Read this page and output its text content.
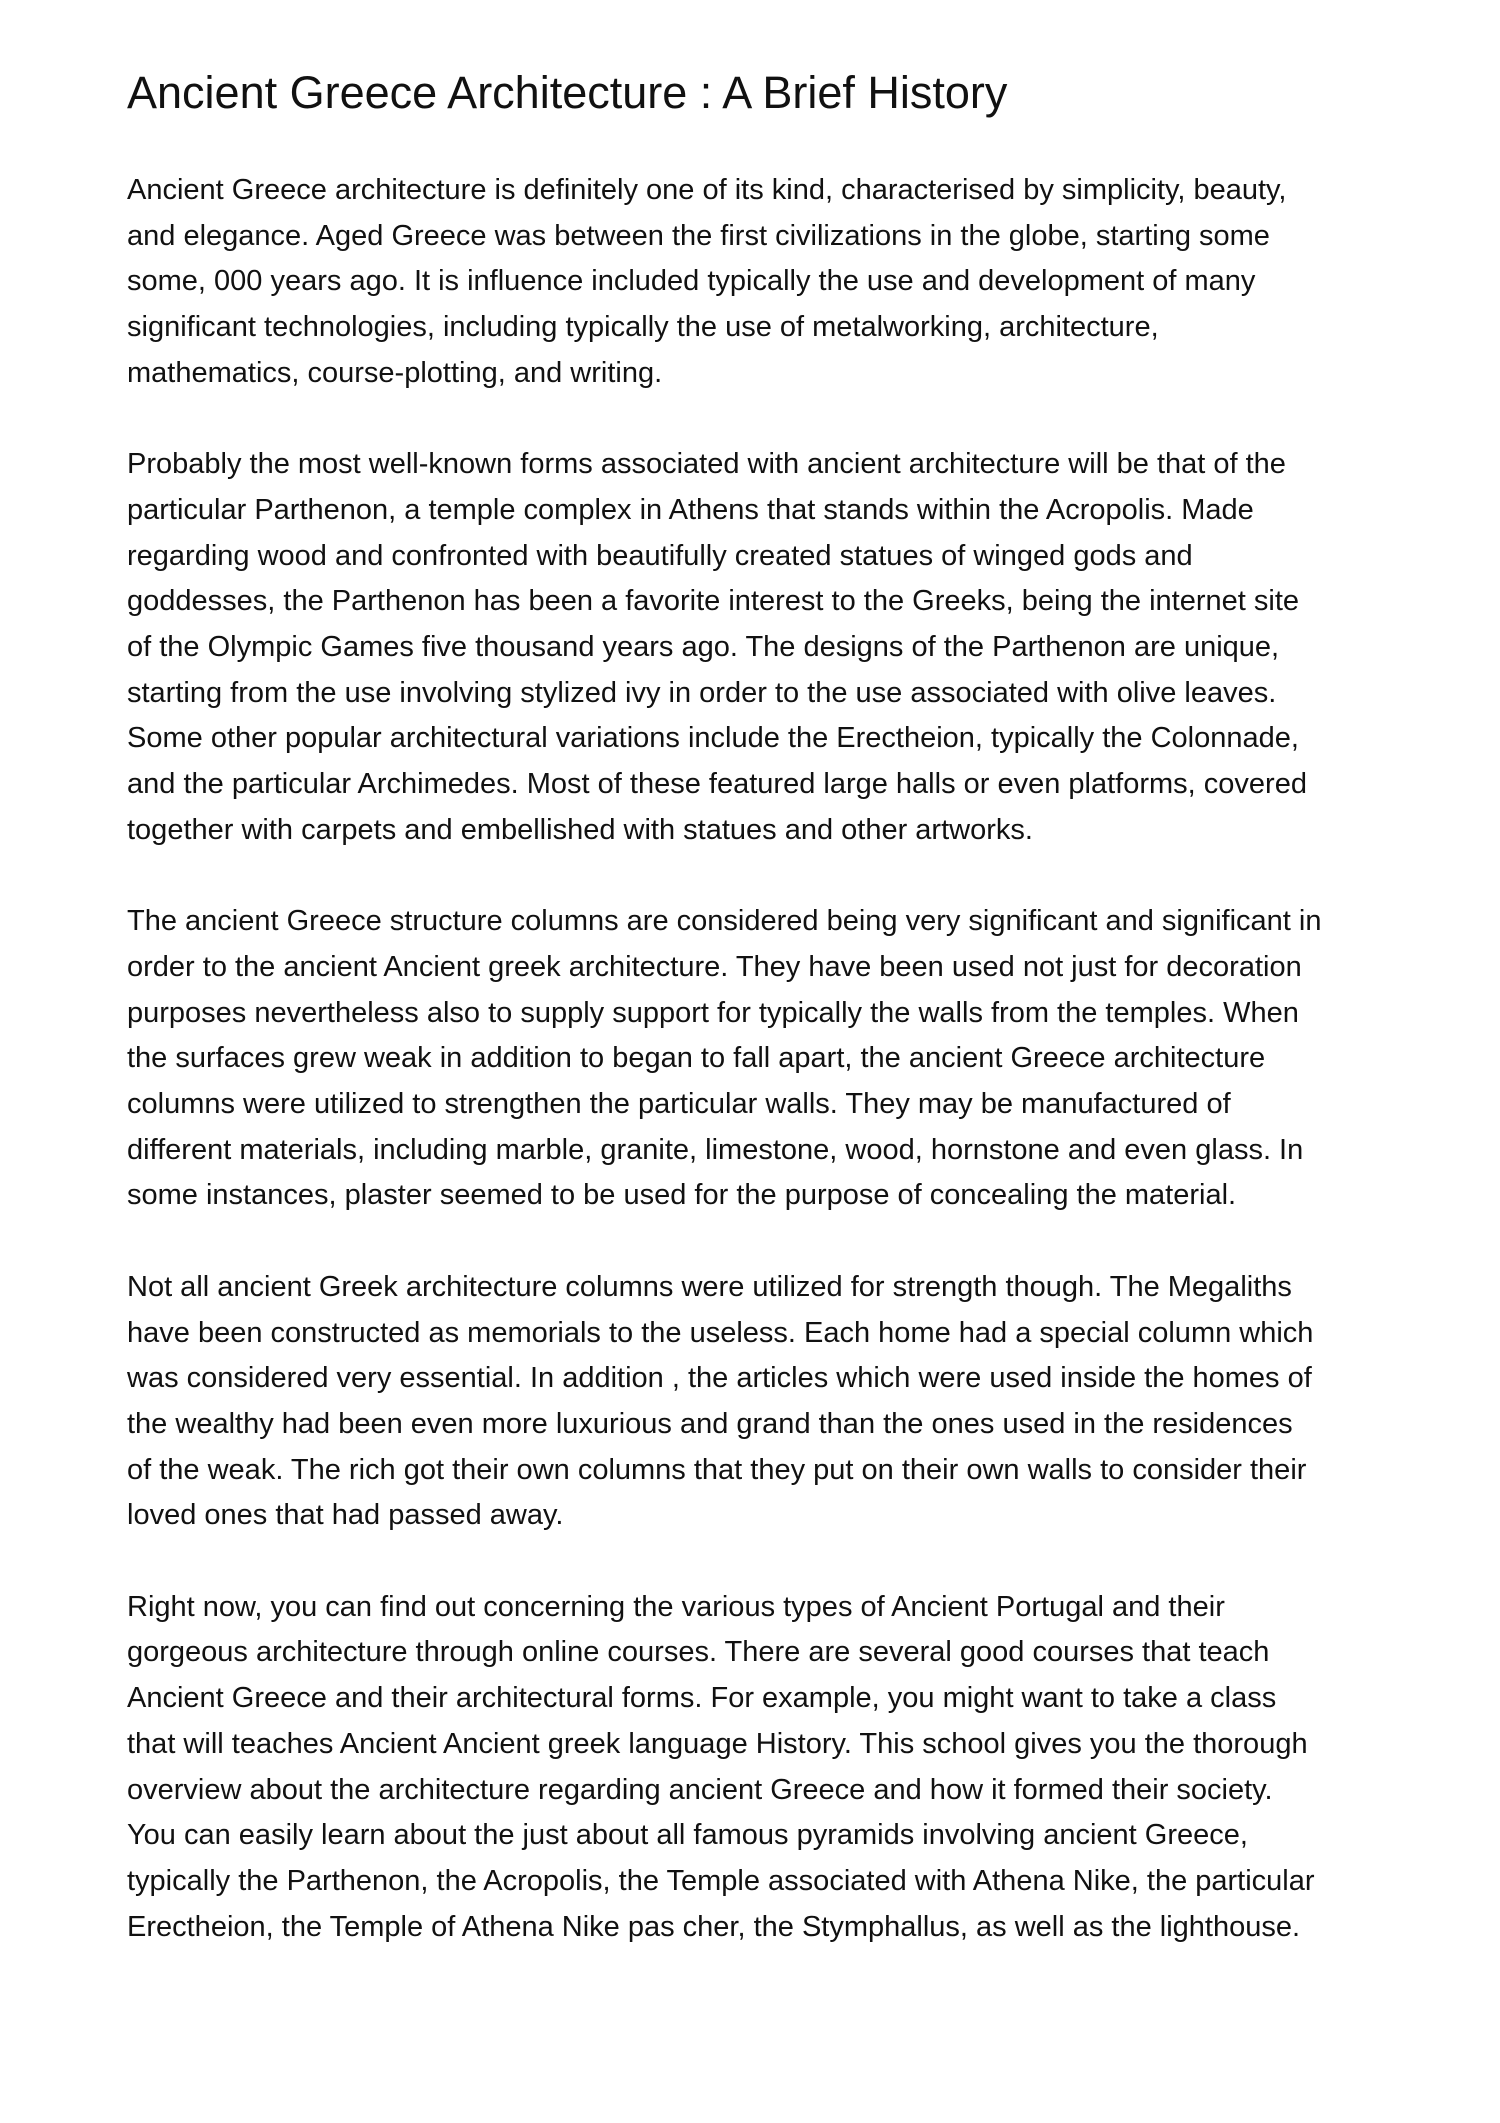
Ancient Greece Architecture : A Brief History

Ancient Greece architecture is definitely one of its kind, characterised by simplicity, beauty,
and elegance. Aged Greece was between the first civilizations in the globe, starting some
some, 000 years ago. It is influence included typically the use and development of many
significant technologies, including typically the use of metalworking, architecture,
mathematics, course-plotting, and writing.

Probably the most well-known forms associated with ancient architecture will be that of the
particular Parthenon, a temple complex in Athens that stands within the Acropolis. Made
regarding wood and confronted with beautifully created statues of winged gods and
goddesses, the Parthenon has been a favorite interest to the Greeks, being the internet site
of the Olympic Games five thousand years ago. The designs of the Parthenon are unique,
starting from the use involving stylized ivy in order to the use associated with olive leaves.
Some other popular architectural variations include the Erectheion, typically the Colonnade,
and the particular Archimedes. Most of these featured large halls or even platforms, covered
together with carpets and embellished with statues and other artworks.

The ancient Greece structure columns are considered being very significant and significant in
order to the ancient Ancient greek architecture. They have been used not just for decoration
purposes nevertheless also to supply support for typically the walls from the temples. When
the surfaces grew weak in addition to began to fall apart, the ancient Greece architecture
columns were utilized to strengthen the particular walls. They may be manufactured of
different materials, including marble, granite, limestone, wood, hornstone and even glass. In
some instances, plaster seemed to be used for the purpose of concealing the material.

Not all ancient Greek architecture columns were utilized for strength though. The Megaliths
have been constructed as memorials to the useless. Each home had a special column which
was considered very essential. In addition , the articles which were used inside the homes of
the wealthy had been even more luxurious and grand than the ones used in the residences
of the weak. The rich got their own columns that they put on their own walls to consider their
loved ones that had passed away.

Right now, you can find out concerning the various types of Ancient Portugal and their
gorgeous architecture through online courses. There are several good courses that teach
Ancient Greece and their architectural forms. For example, you might want to take a class
that will teaches Ancient Ancient greek language History. This school gives you the thorough
overview about the architecture regarding ancient Greece and how it formed their society.
You can easily learn about the just about all famous pyramids involving ancient Greece,
typically the Parthenon, the Acropolis, the Temple associated with Athena Nike, the particular
Erectheion, the Temple of Athena Nike pas cher, the Stymphallus, as well as the lighthouse.
